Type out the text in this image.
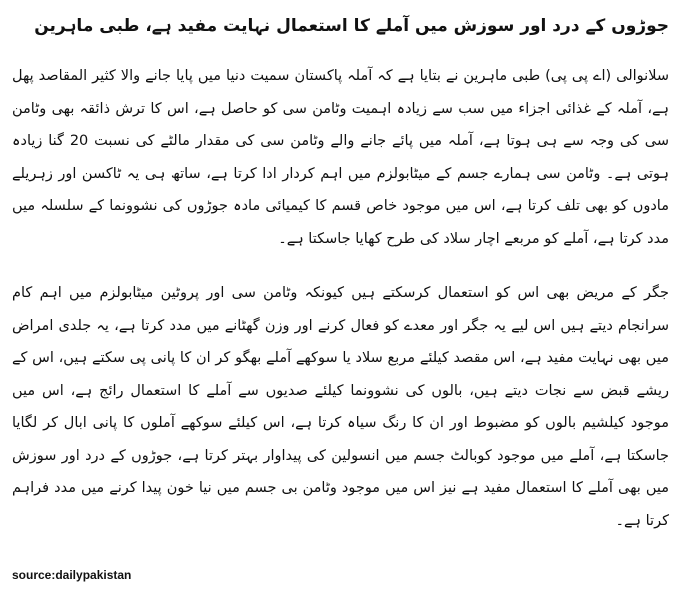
جوڑوں کے درد اور سوزش میں آملے کا استعمال نہایت مفید ہے، طبی ماہرین

سلانوالی (اے پی پی) طبی ماہرین نے بتایا ہے کہ آملہ پاکستان سمیت دنیا میں پایا جانے والا کثیر المقاصد پھل ہے، آملہ کے غذائی اجزاء میں سب سے زیادہ اہمیت وٹامن سی کو حاصل ہے، اس کا ترش ذائقہ بھی وٹامن سی کی وجہ سے ہی ہوتا ہے، آملہ میں پائے جانے والے وٹامن سی کی مقدار مالٹے کی نسبت 20 گنا زیادہ ہوتی ہے۔ وٹامن سی ہمارے جسم کے میٹابولزم میں اہم کردار ادا کرتا ہے، ساتھ ہی یہ ٹاکسن اور زہریلے مادوں کو بھی تلف کرتا ہے، اس میں موجود خاص قسم کا کیمیائی مادہ جوڑوں کی نشوونما کے سلسلہ میں مدد کرتا ہے، آملے کو مربعے اچار سلاد کی طرح کھایا جاسکتا ہے۔

جگر کے مریض بھی اس کو استعمال کرسکتے ہیں کیونکہ وٹامن سی اور پروٹین میٹابولزم میں اہم کام سرانجام دیتے ہیں اس لیے یہ جگر اور معدے کو فعال کرنے اور وزن گھٹانے میں مدد کرتا ہے، یہ جلدی امراض میں بھی نہایت مفید ہے، اس مقصد کیلئے مربع سلاد یا سوکھے آملے بھگو کر ان کا پانی پی سکتے ہیں، اس کے ریشے قبض سے نجات دیتے ہیں، بالوں کی نشوونما کیلئے صدیوں سے آملے کا استعمال رائج ہے، اس میں موجود کیلشیم بالوں کو مضبوط اور ان کا رنگ سیاہ کرتا ہے، اس کیلئے سوکھے آملوں کا پانی ابال کر لگایا جاسکتا ہے، آملے میں موجود کوبالٹ جسم میں انسولین کی پیداوار بہتر کرتا ہے، جوڑوں کے درد اور سوزش میں بھی آملے کا استعمال مفید ہے نیز اس میں موجود وٹامن بی جسم میں نیا خون پیدا کرنے میں مدد فراہم کرتا ہے۔

source:dailypakistan
